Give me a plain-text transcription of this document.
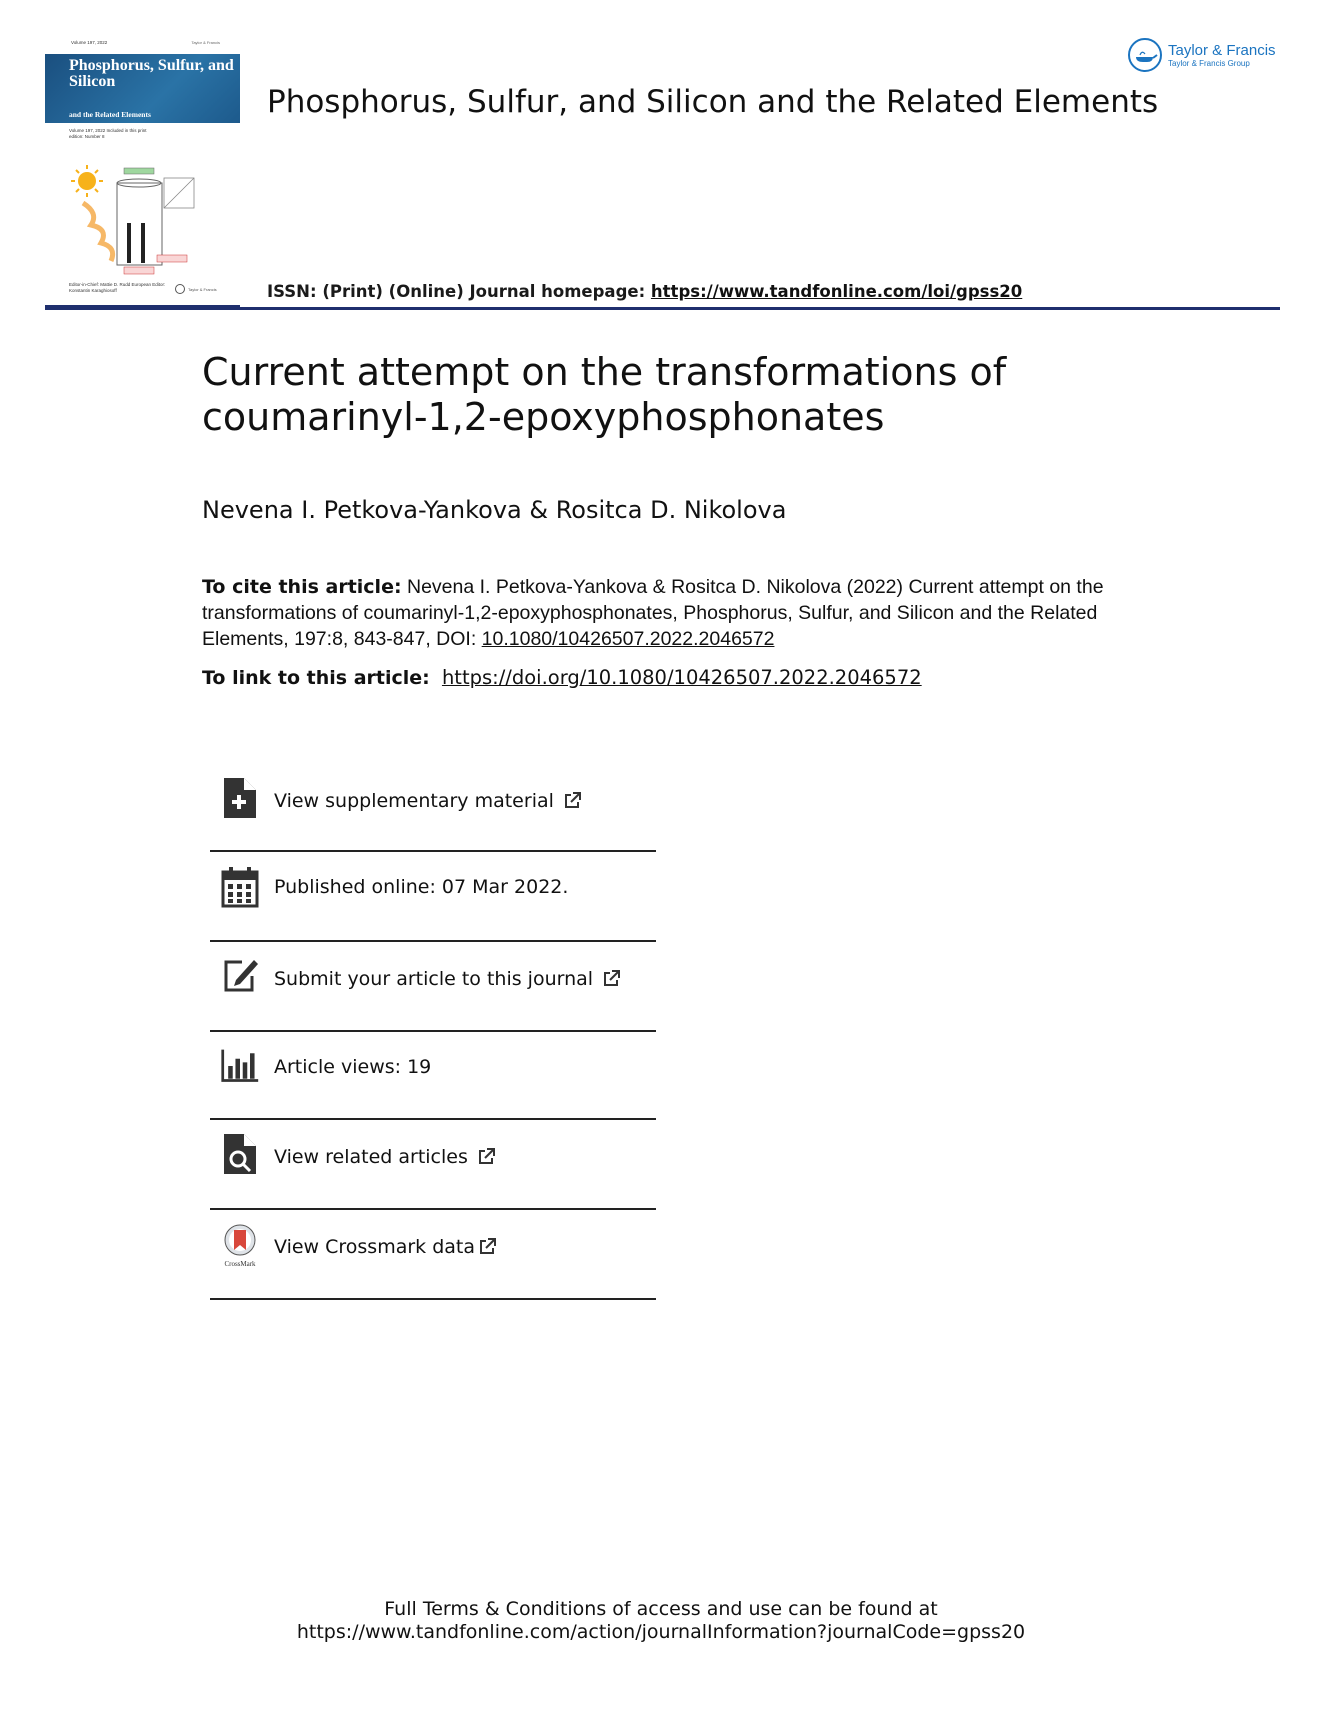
Volume 197, 2022	Taylor & Francis
Phosphorus, Sulfur, and Silicon
and the Related Elements
Volume 197, 2022 Included in this print edition: Number 8
Editor-in-Chief: Mattie D. Rudd European Editor: Konstantin Karaghiosoff	Taylor & Francis
Phosphorus, Sulfur, and Silicon and the Related Elements
ISSN: (Print) (Online) Journal homepage: https://www.tandfonline.com/loi/gpss20
Taylor & Francis
Taylor & Francis Group
Current attempt on the transformations of coumarinyl-1,2-epoxyphosphonates
Nevena I. Petkova-Yankova & Rositca D. Nikolova
To cite this article: Nevena I. Petkova-Yankova & Rositca D. Nikolova (2022) Current attempt on the transformations of coumarinyl-1,2-epoxyphosphonates, Phosphorus, Sulfur, and Silicon and the Related Elements, 197:8, 843-847, DOI: 10.1080/10426507.2022.2046572
To link to this article: https://doi.org/10.1080/10426507.2022.2046572
View supplementary material
Published online: 07 Mar 2022.
Submit your article to this journal
Article views: 19
View related articles
CrossMark
View Crossmark data
Full Terms & Conditions of access and use can be found at
https://www.tandfonline.com/action/journalInformation?journalCode=gpss20
